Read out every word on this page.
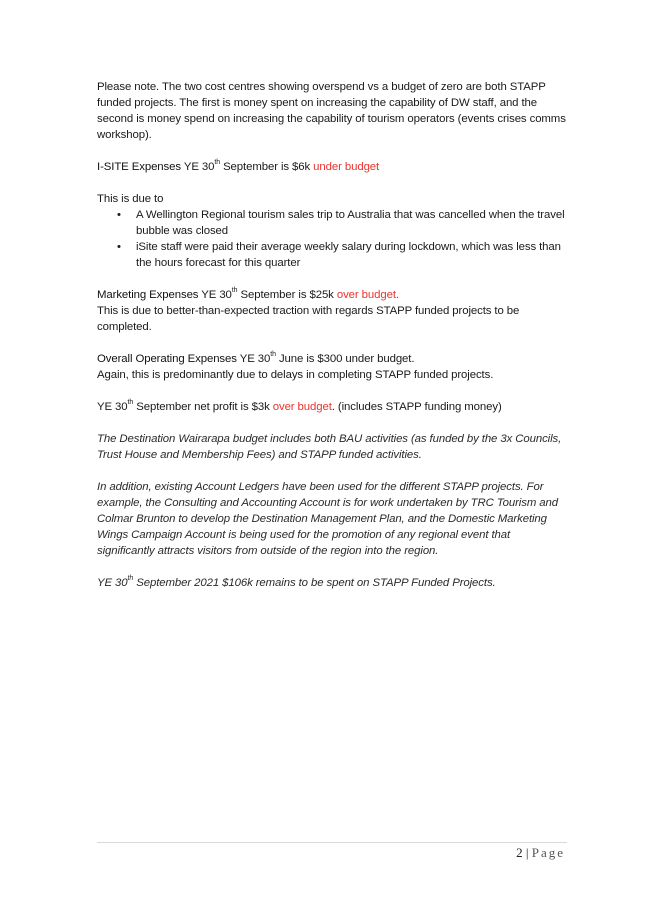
Please note. The two cost centres showing overspend vs a budget of zero are both STAPP funded projects. The first is money spent on increasing the capability of DW staff, and the second is money spend on increasing the capability of tourism operators (events crises comms workshop).

I-SITE Expenses YE 30th September is $6k under budget

This is due to

• A Wellington Regional tourism sales trip to Australia that was cancelled when the travel bubble was closed
• iSite staff were paid their average weekly salary during lockdown, which was less than the hours forecast for this quarter

Marketing Expenses YE 30th September is $25k over budget.

This is due to better-than-expected traction with regards STAPP funded projects to be completed.

Overall Operating Expenses YE 30th June is $300 under budget.

Again, this is predominantly due to delays in completing STAPP funded projects.

YE 30th September net profit is $3k over budget. (includes STAPP funding money)

The Destination Wairarapa budget includes both BAU activities (as funded by the 3x Councils, Trust House and Membership Fees) and STAPP funded activities.

In addition, existing Account Ledgers have been used for the different STAPP projects. For example, the Consulting and Accounting Account is for work undertaken by TRC Tourism and Colmar Brunton to develop the Destination Management Plan, and the Domestic Marketing Wings Campaign Account is being used for the promotion of any regional event that significantly attracts visitors from outside of the region into the region.

YE 30th September 2021 $106k remains to be spent on STAPP Funded Projects.

2 | Page
